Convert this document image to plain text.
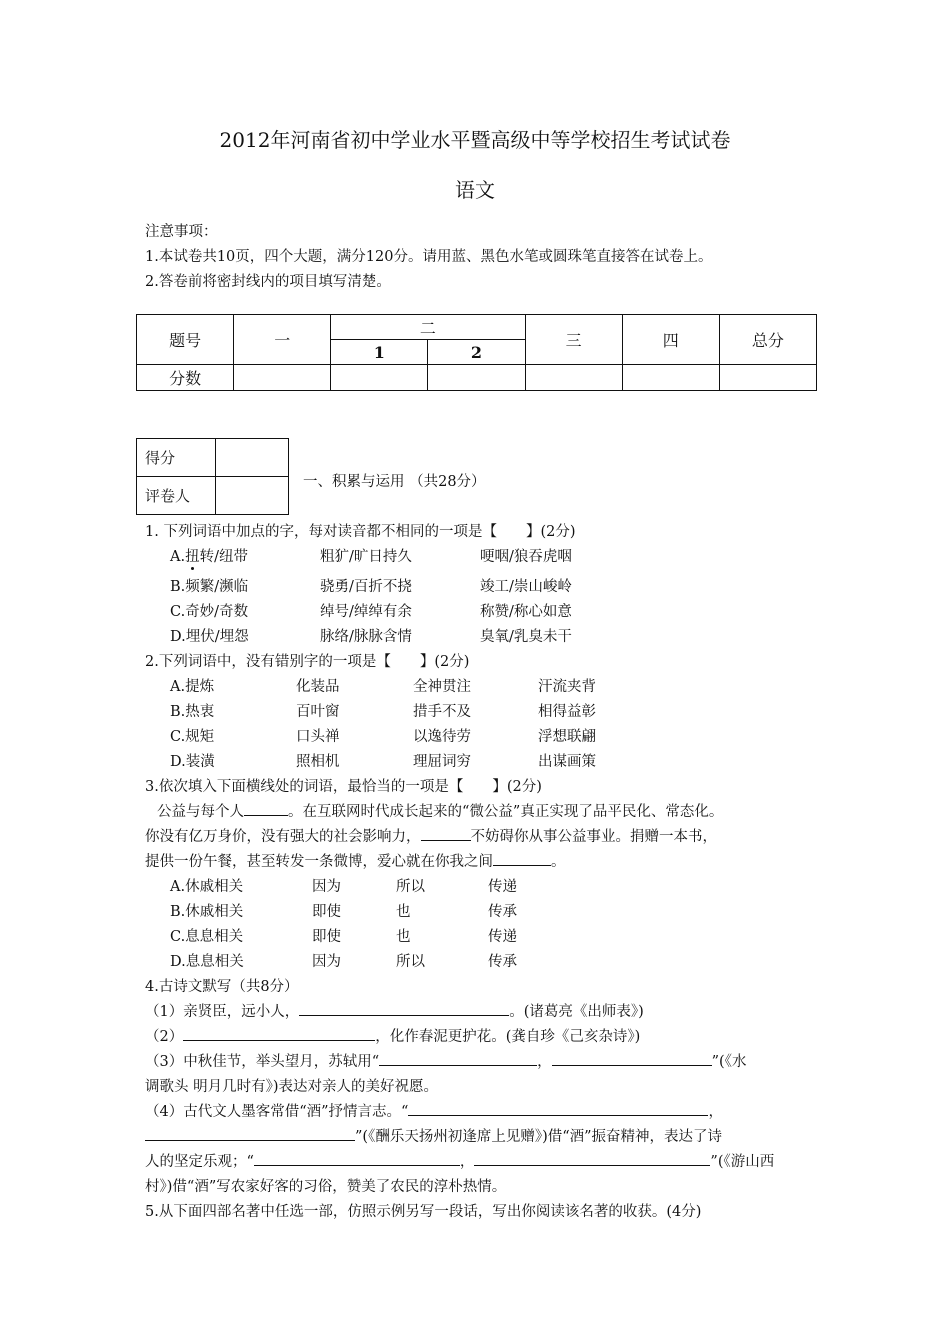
2012年河南省初中学业水平暨高级中等学校招生考试试卷
语文
注意事项：
1.本试卷共10页，四个大题，满分120分。请用蓝、黑色水笔或圆珠笔直接答在试卷上。
2.答卷前将密封线内的项目填写清楚。
题号	一	二		三	四	总分
		1	2			
分数						
得分	
评卷人	
一、积累与运用 （共28分）
1. 下列词语中加点的字，每对读音都不相同的一项是【　　】(2分)
A.扭转/纽带	粗犷/旷日持久	哽咽/狼吞虎咽
B.频繁/濒临	骁勇/百折不挠	竣工/崇山峻岭
C.奇妙/奇数	绰号/绰绰有余	称赞/称心如意
D.埋伏/埋怨	脉络/脉脉含情	臭氧/乳臭未干
2.下列词语中，没有错别字的一项是【　　】(2分)
A.提炼	化装品	全神贯注	汗流夹背
B.热衷	百叶窗	措手不及	相得益彰
C.规矩	口头禅	以逸待劳	浮想联翩
D.装潢	照相机	理屈词穷	出谋画策
3.依次填入下面横线处的词语，最恰当的一项是【　　】(2分)
公益与每个人	。在互联网时代成长起来的“微公益”真正实现了品平民化、常态化。
你没有亿万身价，没有强大的社会影响力，	不妨碍你从事公益事业。捐赠一本书，
提供一份午餐，甚至转发一条微博，爱心就在你我之间	。
A.休戚相关	因为	所以	传递
B.休戚相关	即使	也	传承
C.息息相关	即使	也	传递
D.息息相关	因为	所以	传承
4.古诗文默写（共8分）
（1）亲贤臣，远小人，	。(诸葛亮《出师表》)
（2）	，化作春泥更护花。(龚自珍《己亥杂诗》)
（3）中秋佳节，举头望月，苏轼用“	，	”(《水
调歌头 明月几时有》)表达对亲人的美好祝愿。
（4）古代文人墨客常借“酒”抒情言志。“	，
”(《酬乐天扬州初逢席上见赠》)借“酒”振奋精神，表达了诗
人的坚定乐观；“	，	”(《游山西
村》)借“酒”写农家好客的习俗，赞美了农民的淳朴热情。
5.从下面四部名著中任选一部，仿照示例另写一段话，写出你阅读该名著的收获。(4分)
